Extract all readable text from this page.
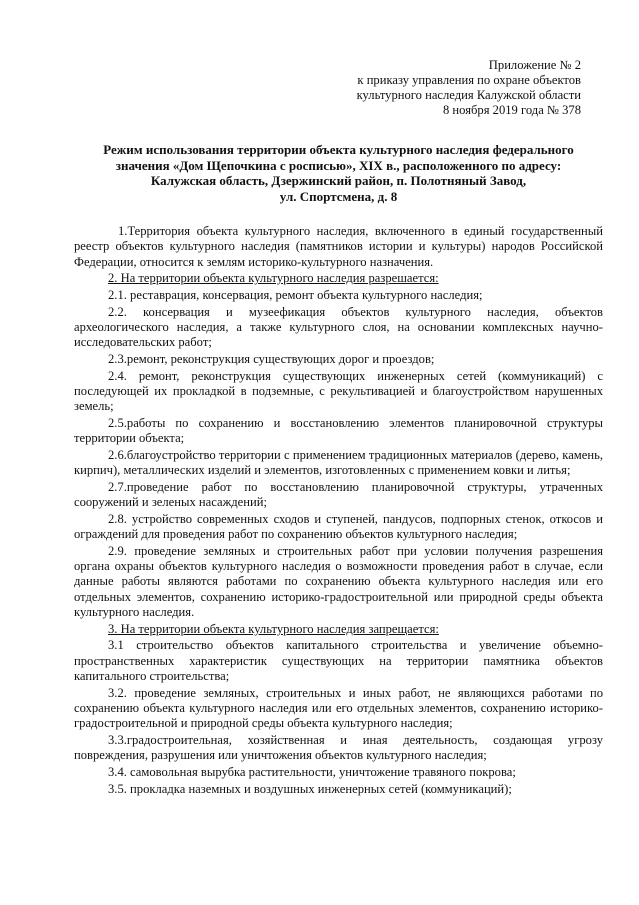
Приложение № 2
к приказу управления по охране объектов
культурного наследия Калужской области
8 ноября 2019 года № 378
Режим использования территории объекта культурного наследия федерального
значения «Дом Щепочкина с росписью», XIX в., расположенного по адресу:
Калужская область, Дзержинский район, п. Полотняный Завод,
ул. Спортсмена, д. 8

1.Территория объекта культурного наследия, включенного в единый государственный реестр объектов культурного наследия (памятников истории и культуры) народов Российской Федерации, относится к землям историко-культурного назначения.

2. На территории объекта культурного наследия разрешается:

2.1. реставрация, консервация, ремонт объекта культурного наследия;

2.2. консервация и музеефикация объектов культурного наследия, объектов археологического наследия, а также культурного слоя, на основании комплексных научно-исследовательских работ;

2.3.ремонт, реконструкция существующих дорог и проездов;

2.4. ремонт, реконструкция существующих инженерных сетей (коммуникаций) с последующей их прокладкой в подземные, с рекультивацией и благоустройством нарушенных земель;

2.5.работы по сохранению и восстановлению элементов планировочной структуры территории объекта;

2.6.благоустройство территории с применением традиционных материалов (дерево, камень, кирпич), металлических изделий и элементов, изготовленных с применением ковки и литья;

2.7.проведение работ по восстановлению планировочной структуры, утраченных сооружений и зеленых насаждений;

2.8. устройство современных сходов и ступеней, пандусов, подпорных стенок, откосов и ограждений для проведения работ по сохранению объектов культурного наследия;

2.9. проведение земляных и строительных работ при условии получения разрешения органа охраны объектов культурного наследия о возможности проведения работ в случае, если данные работы являются работами по сохранению объекта культурного наследия или его отдельных элементов, сохранению историко-градостроительной или природной среды объекта культурного наследия.

3. На территории объекта культурного наследия запрещается:

3.1 строительство объектов капитального строительства и увеличение объемно-пространственных характеристик существующих на территории памятника объектов капитального строительства;

3.2. проведение земляных, строительных и иных работ, не являющихся работами по сохранению объекта культурного наследия или его отдельных элементов, сохранению историко-градостроительной и природной среды объекта культурного наследия;

3.3.градостроительная, хозяйственная и иная деятельность, создающая угрозу повреждения, разрушения или уничтожения объектов культурного наследия;

3.4. самовольная вырубка растительности, уничтожение травяного покрова;

3.5. прокладка наземных и воздушных инженерных сетей (коммуникаций);
